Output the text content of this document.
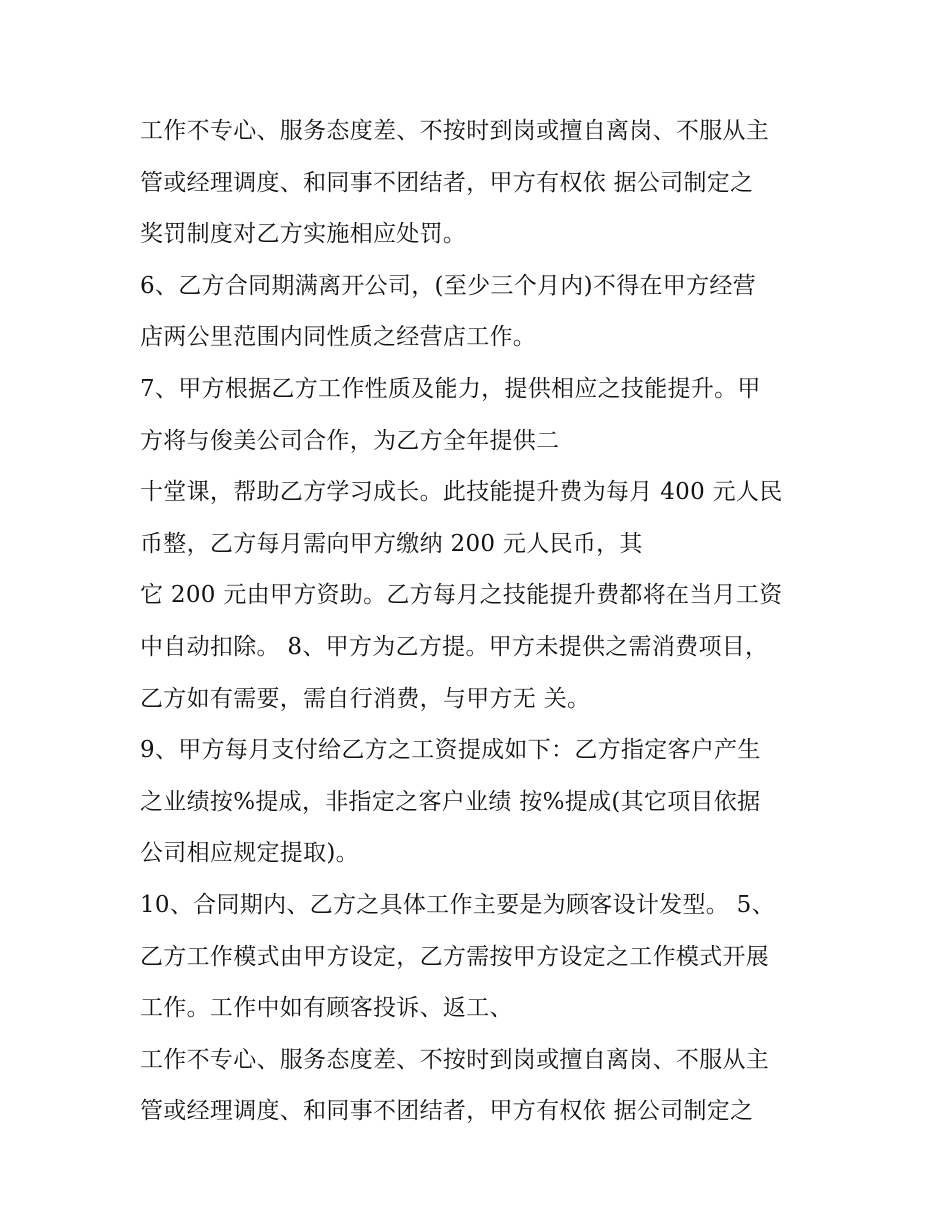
工作不专心、服务态度差、不按时到岗或擅自离岗、不服从主
管或经理调度、和同事不团结者，甲方有权依 据公司制定之
奖罚制度对乙方实施相应处罚。
6、乙方合同期满离开公司，(至少三个月内)不得在甲方经营
店两公里范围内同性质之经营店工作。
7、甲方根据乙方工作性质及能力，提供相应之技能提升。甲
方将与俊美公司合作，为乙方全年提供二
十堂课，帮助乙方学习成长。此技能提升费为每月 400 元人民
币整，乙方每月需向甲方缴纳 200 元人民币，其
它 200 元由甲方资助。乙方每月之技能提升费都将在当月工资
中自动扣除。 8、甲方为乙方提。甲方未提供之需消费项目，
乙方如有需要，需自行消费，与甲方无 关。
9、甲方每月支付给乙方之工资提成如下：乙方指定客户产生
之业绩按%提成，非指定之客户业绩 按%提成(其它项目依据
公司相应规定提取)。
10、合同期内、乙方之具体工作主要是为顾客设计发型。 5、
乙方工作模式由甲方设定，乙方需按甲方设定之工作模式开展
工作。工作中如有顾客投诉、返工、
工作不专心、服务态度差、不按时到岗或擅自离岗、不服从主
管或经理调度、和同事不团结者，甲方有权依 据公司制定之
